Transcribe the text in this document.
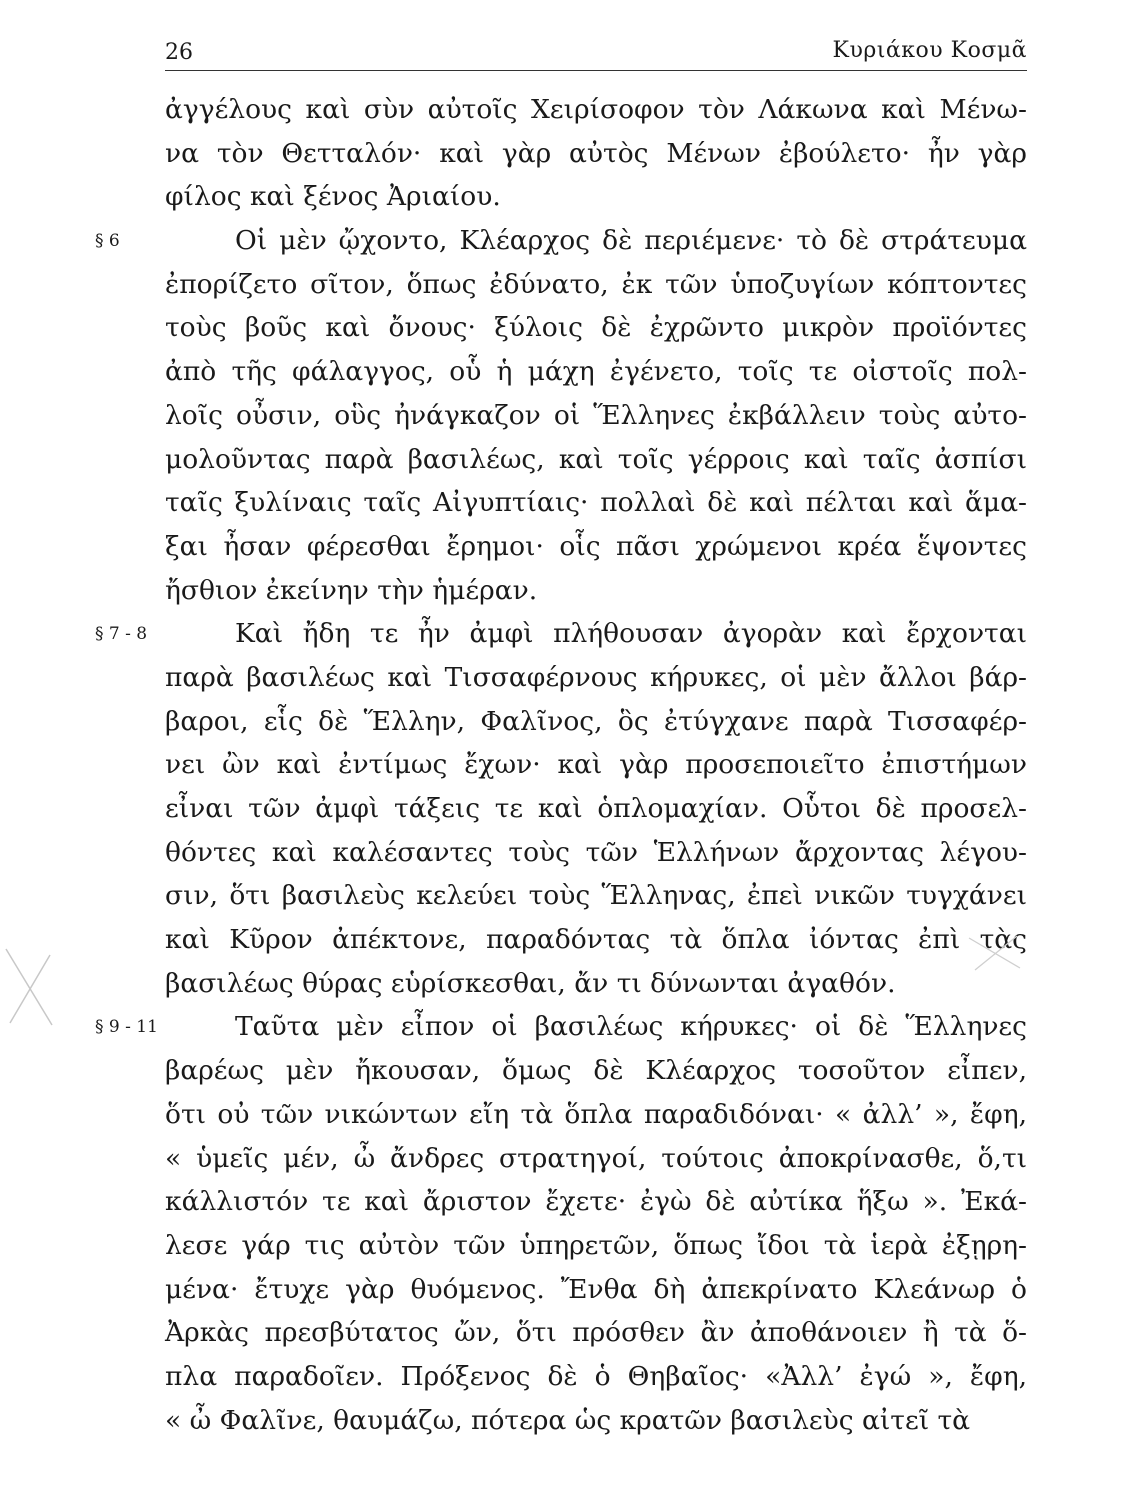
26	Κυριάκου Κοσμᾶ
ἀγγέλους καὶ σὺν αὐτοῖς Χειρίσοφον τὸν Λάκωνα καὶ Μένω-
να τὸν Θετταλόν· καὶ γὰρ αὐτὸς Μένων ἐβούλετο· ἦν γὰρ
φίλος καὶ ξένος Ἀριαίου.
§ 6	Οἱ μὲν ᾤχοντο, Κλέαρχος δὲ περιέμενε· τὸ δὲ στράτευμα
ἐπορίζετο σῖτον, ὅπως ἐδύνατο, ἐκ τῶν ὑποζυγίων κόπτοντες
τοὺς βοῦς καὶ ὄνους· ξύλοις δὲ ἐχρῶντο μικρὸν προϊόντες
ἀπὸ τῆς φάλαγγος, οὗ ἡ μάχη ἐγένετο, τοῖς τε οἰστοῖς πολ-
λοῖς οὖσιν, οὓς ἠνάγκαζον οἱ Ἕλληνες ἐκβάλλειν τοὺς αὐτο-
μολοῦντας παρὰ βασιλέως, καὶ τοῖς γέρροις καὶ ταῖς ἀσπίσι
ταῖς ξυλίναις ταῖς Αἰγυπτίαις· πολλαὶ δὲ καὶ πέλται καὶ ἅμα-
ξαι ἦσαν φέρεσθαι ἔρημοι· οἷς πᾶσι χρώμενοι κρέα ἕψοντες
ἤσθιον ἐκείνην τὴν ἡμέραν.
§ 7 - 8	Καὶ ἤδη τε ἦν ἀμφὶ πλήθουσαν ἀγορὰν καὶ ἔρχονται
παρὰ βασιλέως καὶ Τισσαφέρνους κήρυκες, οἱ μὲν ἄλλοι βάρ-
βαροι, εἷς δὲ Ἕλλην, Φαλῖνος, ὃς ἐτύγχανε παρὰ Τισσαφέρ-
νει ὢν καὶ ἐντίμως ἔχων· καὶ γὰρ προσεποιεῖτο ἐπιστήμων
εἶναι τῶν ἀμφὶ τάξεις τε καὶ ὁπλομαχίαν. Οὗτοι δὲ προσελ-
θόντες καὶ καλέσαντες τοὺς τῶν Ἑλλήνων ἄρχοντας λέγου-
σιν, ὅτι βασιλεὺς κελεύει τοὺς Ἕλληνας, ἐπεὶ νικῶν τυγχάνει
καὶ Κῦρον ἀπέκτονε, παραδόντας τὰ ὅπλα ἰόντας ἐπὶ τὰς
βασιλέως θύρας εὑρίσκεσθαι, ἄν τι δύνωνται ἀγαθόν.
§ 9 - 11	Ταῦτα μὲν εἶπον οἱ βασιλέως κήρυκες· οἱ δὲ Ἕλληνες
βαρέως μὲν ἤκουσαν, ὅμως δὲ Κλέαρχος τοσοῦτον εἶπεν,
ὅτι οὐ τῶν νικώντων εἴη τὰ ὅπλα παραδιδόναι· « ἀλλ’ », ἔφη,
« ὑμεῖς μέν, ὦ ἄνδρες στρατηγοί, τούτοις ἀποκρίνασθε, ὅ,τι
κάλλιστόν τε καὶ ἄριστον ἔχετε· ἐγὼ δὲ αὐτίκα ἥξω ». Ἐκά-
λεσε γάρ τις αὐτὸν τῶν ὑπηρετῶν, ὅπως ἴδοι τὰ ἱερὰ ἐξῃρη-
μένα· ἔτυχε γὰρ θυόμενος. Ἔνθα δὴ ἀπεκρίνατο Κλεάνωρ ὁ
Ἀρκὰς πρεσβύτατος ὤν, ὅτι πρόσθεν ἂν ἀποθάνοιεν ἢ τὰ ὅ-
πλα παραδοῖεν. Πρόξενος δὲ ὁ Θηβαῖος· «Ἀλλ’ ἐγώ », ἔφη,
« ὦ Φαλῖνε, θαυμάζω, πότερα ὡς κρατῶν βασιλεὺς αἰτεῖ τὰ
